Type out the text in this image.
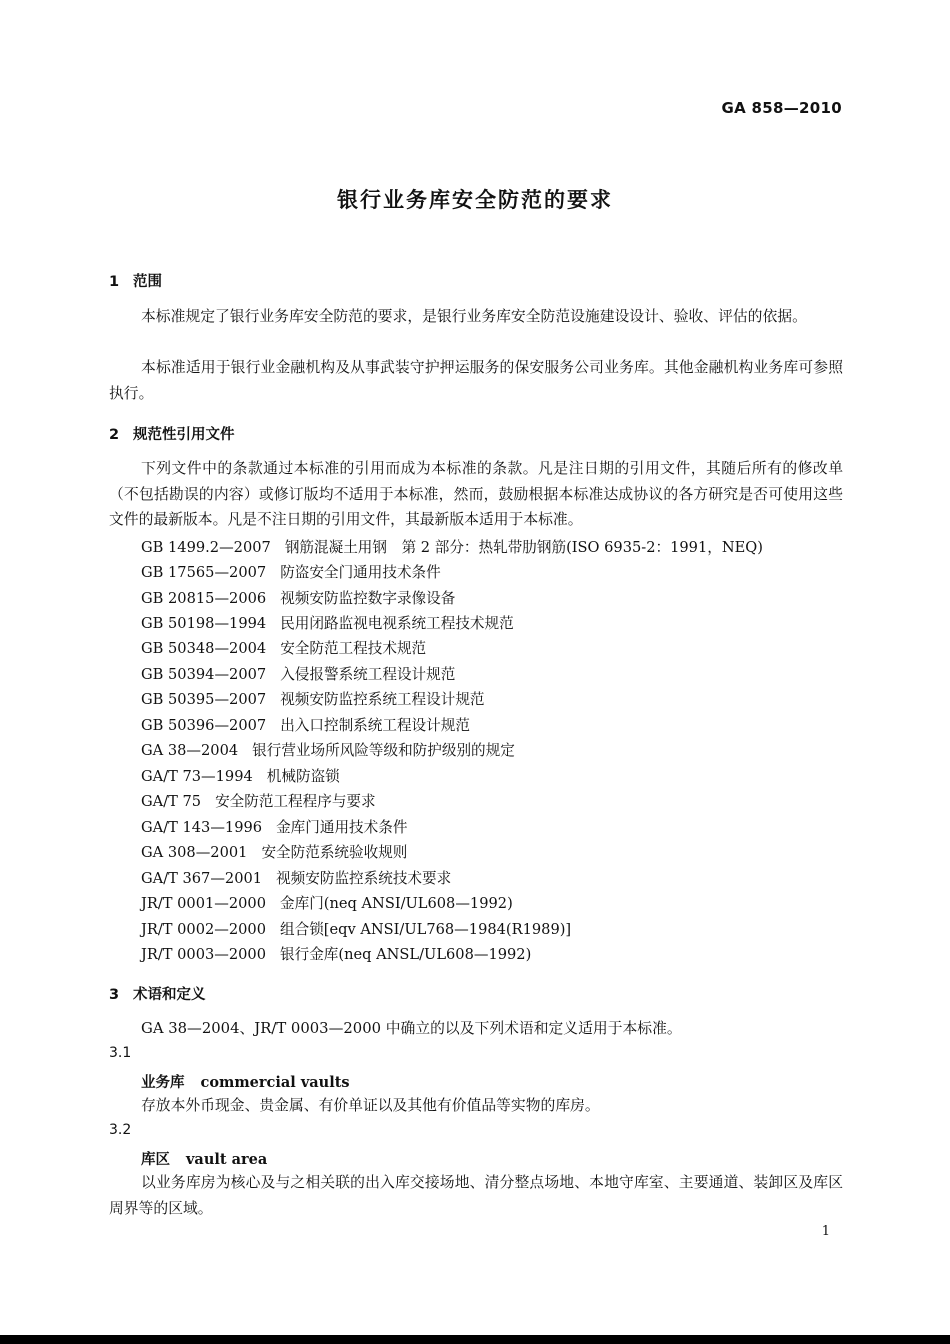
GA 858—2010
银行业务库安全防范的要求
1 范围
本标准规定了银行业务库安全防范的要求，是银行业务库安全防范设施建设设计、验收、评估的依据。
本标准适用于银行业金融机构及从事武装守护押运服务的保安服务公司业务库。其他金融机构业务库可参照执行。
2 规范性引用文件
下列文件中的条款通过本标准的引用而成为本标准的条款。凡是注日期的引用文件，其随后所有的修改单（不包括勘误的内容）或修订版均不适用于本标准，然而，鼓励根据本标准达成协议的各方研究是否可使用这些文件的最新版本。凡是不注日期的引用文件，其最新版本适用于本标准。
GB 1499.2—2007 钢筋混凝土用钢　第 2 部分：热轧带肋钢筋(ISO 6935-2：1991，NEQ)
GB 17565—2007 防盗安全门通用技术条件
GB 20815—2006 视频安防监控数字录像设备
GB 50198—1994 民用闭路监视电视系统工程技术规范
GB 50348—2004 安全防范工程技术规范
GB 50394—2007 入侵报警系统工程设计规范
GB 50395—2007 视频安防监控系统工程设计规范
GB 50396—2007 出入口控制系统工程设计规范
GA 38—2004 银行营业场所风险等级和防护级别的规定
GA/T 73—1994 机械防盗锁
GA/T 75 安全防范工程程序与要求
GA/T 143—1996 金库门通用技术条件
GA 308—2001 安全防范系统验收规则
GA/T 367—2001 视频安防监控系统技术要求
JR/T 0001—2000 金库门(neq ANSI/UL608—1992)
JR/T 0002—2000 组合锁[eqv ANSI/UL768—1984(R1989)]
JR/T 0003—2000 银行金库(neq ANSL/UL608—1992)
3 术语和定义
GA 38—2004、JR/T 0003—2000 中确立的以及下列术语和定义适用于本标准。
3.1
业务库 commercial vaults
存放本外币现金、贵金属、有价单证以及其他有价值品等实物的库房。
3.2
库区 vault area
以业务库房为核心及与之相关联的出入库交接场地、清分整点场地、本地守库室、主要通道、装卸区及库区周界等的区域。
1
